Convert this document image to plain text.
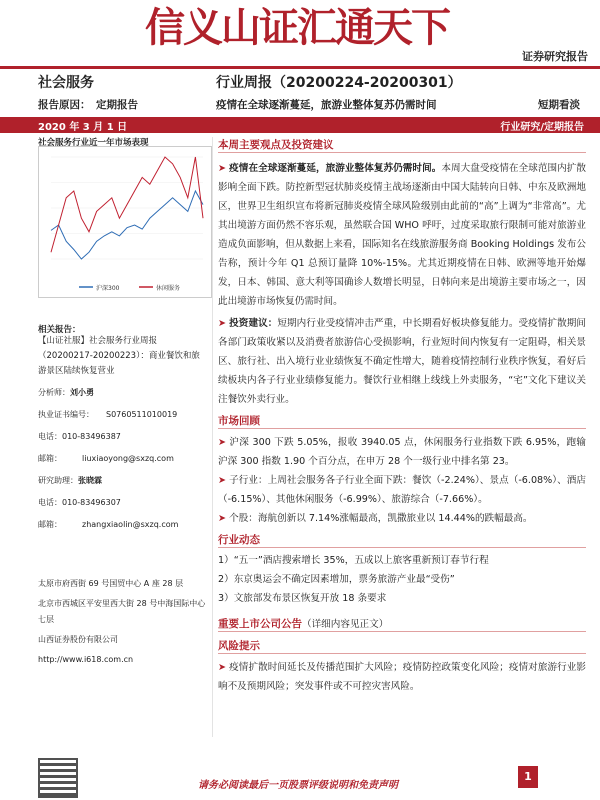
信义山证汇通天下
证券研究报告
社会服务
报告原因： 定期报告
行业周报（20200224-20200301）
疫情在全球逐渐蔓延，旅游业整体复苏仍需时间	短期看淡
2020 年 3 月 1 日	行业研究/定期报告
社会服务行业近一年市场表现
沪深300	休闲服务
相关报告：
【山证社服】社会服务行业周报（20200217-20200223）：商业餐饮和旅游景区陆续恢复营业
分析师：刘小勇
执业证书编号： S0760511010019
电话：010-83496387
邮箱：	liuxiaoyong@sxzq.com
研究助理：张晓霖
电话：010-83496307
邮箱：	zhangxiaolin@sxzq.com
太原市府西街 69 号国贸中心 A 座 28 层
北京市西城区平安里西大街 28 号中海国际中心七层
山西证券股份有限公司
http://www.i618.com.cn
本周主要观点及投资建议
➤ 疫情在全球逐渐蔓延，旅游业整体复苏仍需时间。本周大盘受疫情在全球范围内扩散影响全面下跌。防控新型冠状肺炎疫情主战场逐渐由中国大陆转向日韩、中东及欧洲地区，世界卫生组织宣布将新冠肺炎疫情全球风险级别由此前的“高”上调为“非常高”。尤其出境游方面仍然不容乐观，虽然联合国 WHO 呼吁，过度采取旅行限制可能对旅游业造成负面影响，但从数据上来看，国际知名在线旅游服务商 Booking Holdings 发布公告称，预计今年 Q1 总预订量降 10%-15%。尤其近期疫情在日韩、欧洲等地开始爆发，日本、韩国、意大利等国确诊人数增长明显，日韩向来是出境游主要市场之一，因此出境游市场恢复仍需时间。
➤ 投资建议：短期内行业受疫情冲击严重，中长期看好板块修复能力。受疫情扩散期间各部门政策收紧以及消费者旅游信心受损影响，行业短时间内恢复有一定阻碍，相关景区、旅行社、出入境行业业绩恢复不确定性增大，随着疫情控制行业秩序恢复，看好后续板块内各子行业业绩修复能力。餐饮行业相继上线线上外卖服务，“宅”文化下建议关注餐饮外卖行业。
市场回顾
➤ 沪深 300 下跌 5.05%，报收 3940.05 点，休闲服务行业指数下跌 6.95%，跑输沪深 300 指数 1.90 个百分点，在申万 28 个一级行业中排名第 23。
➤ 子行业：上周社会服务各子行业全面下跌：餐饮（-2.24%）、景点（-6.08%）、酒店（-6.15%）、其他休闲服务（-6.99%）、旅游综合（-7.66%）。
➤ 个股：海航创新以 7.14%涨幅最高，凯撒旅业以 14.44%的跌幅最高。
行业动态
1）“五一”酒店搜索增长 35%，五成以上旅客重新预订春节行程
2）东京奥运会不确定因素增加，票务旅游产业最“受伤”
3）文旅部发布景区恢复开放 18 条要求
重要上市公司公告（详细内容见正文）
风险提示
➤ 疫情扩散时间延长及传播范围扩大风险；疫情防控政策变化风险；疫情对旅游行业影响不及预期风险；突发事件或不可控灾害风险。
请务必阅读最后一页股票评级说明和免责声明
1
